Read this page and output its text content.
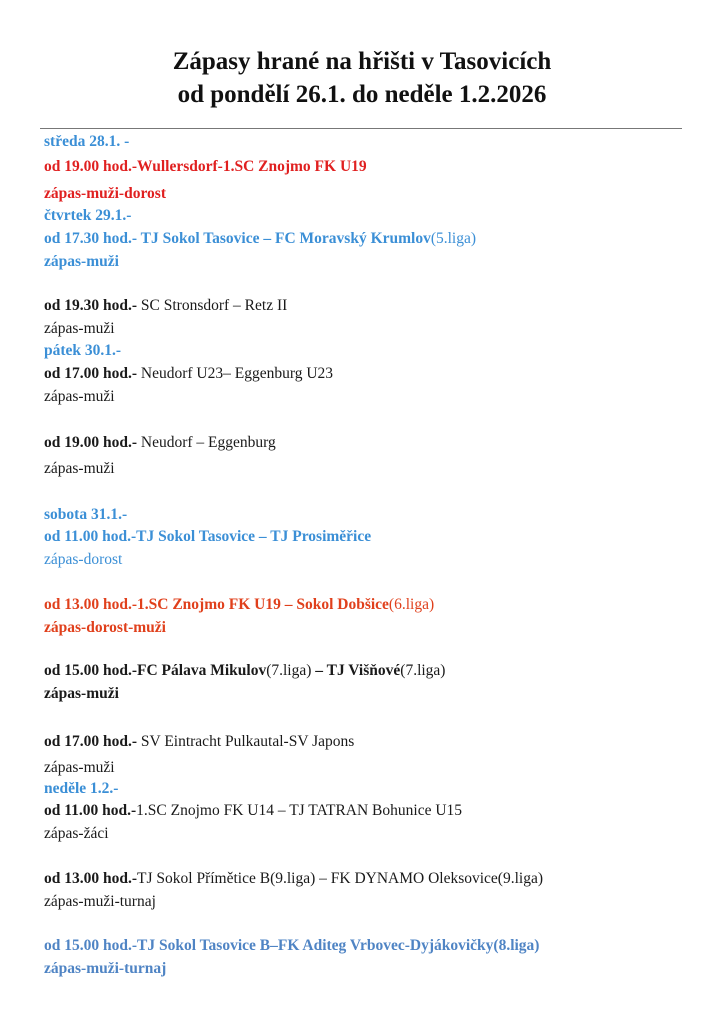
Zápasy hrané na hřišti v Tasovicích
od pondělí 26.1. do neděle 1.2.2026
středa 28.1. -
od 19.00 hod.-Wullersdorf-1.SC Znojmo FK U19
zápas-muži-dorost
čtvrtek 29.1.-
od 17.30 hod.- TJ Sokol Tasovice – FC Moravský Krumlov(5.liga)
zápas-muži
od 19.30 hod.- SC Stronsdorf – Retz II
zápas-muži
pátek 30.1.-
od 17.00 hod.- Neudorf U23– Eggenburg U23
zápas-muži
od 19.00 hod.- Neudorf – Eggenburg
zápas-muži
sobota 31.1.-
od 11.00 hod.-TJ Sokol Tasovice – TJ Prosiměřice
zápas-dorost
od 13.00 hod.-1.SC Znojmo FK U19 – Sokol Dobšice(6.liga)
zápas-dorost-muži
od 15.00 hod.-FC Pálava Mikulov(7.liga) – TJ Višňové(7.liga)
zápas-muži
od 17.00 hod.- SV Eintracht Pulkautal-SV Japons
zápas-muži
neděle 1.2.-
od 11.00 hod.-1.SC Znojmo FK U14 – TJ TATRAN Bohunice U15
zápas-žáci
od 13.00 hod.-TJ Sokol Přímětice B(9.liga) – FK DYNAMO Oleksovice(9.liga)
zápas-muži-turnaj
od 15.00 hod.-TJ Sokol Tasovice B–FK Aditeg Vrbovec-Dyjákovičky(8.liga)
zápas-muži-turnaj
